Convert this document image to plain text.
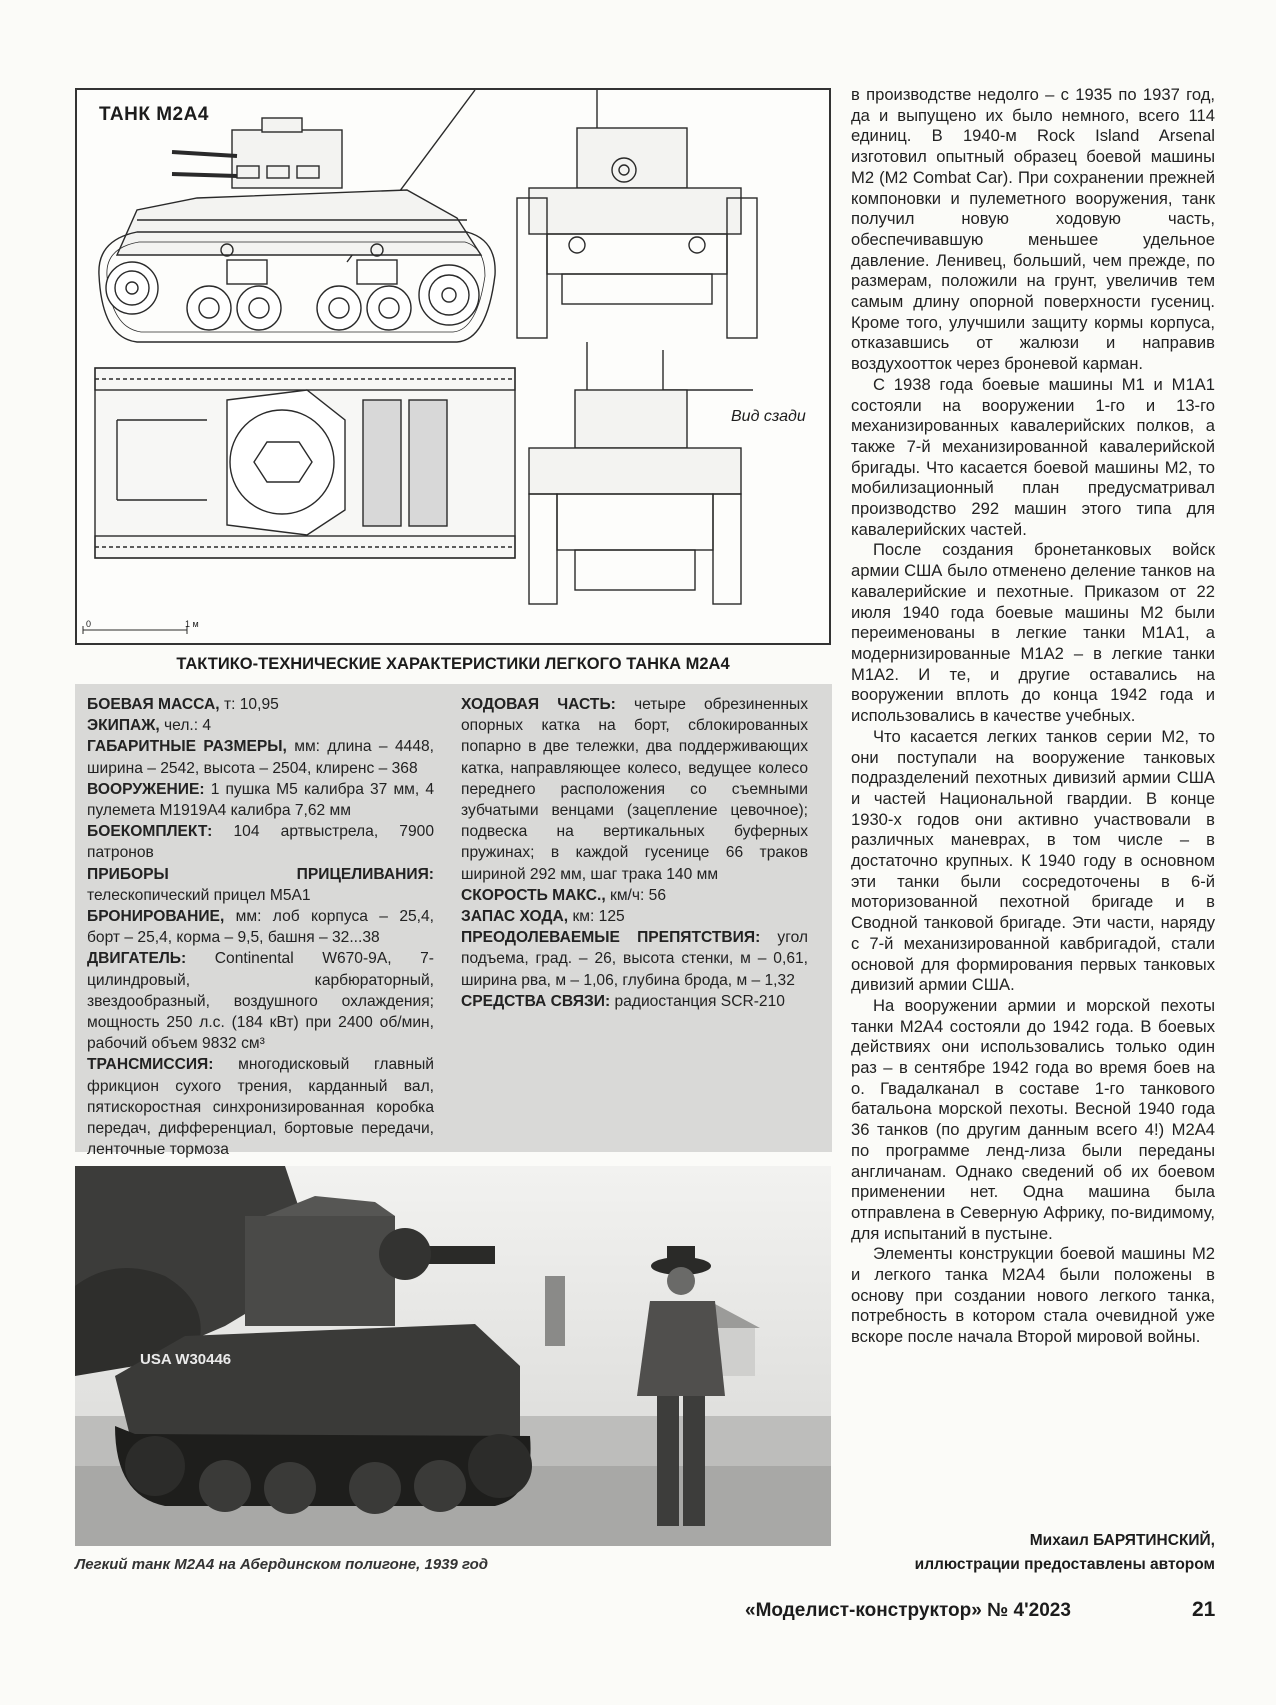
ТАНК М2А4
Вид сзади
0	1 м
ТАКТИКО-ТЕХНИЧЕСКИЕ ХАРАКТЕРИСТИКИ ЛЕГКОГО ТАНКА М2А4

БОЕВАЯ МАССА, т: 10,95

ЭКИПАЖ, чел.: 4

ГАБАРИТНЫЕ РАЗМЕРЫ, мм: длина – 4448, ширина – 2542, высота – 2504, клиренс – 368

ВООРУЖЕНИЕ: 1 пушка М5 калибра 37 мм, 4 пулемета М1919А4 калибра 7,62 мм

БОЕКОМПЛЕКТ: 104 артвыстрела, 7900 патронов

ПРИБОРЫ ПРИЦЕЛИВАНИЯ: телескопический прицел М5А1

БРОНИРОВАНИЕ, мм: лоб корпуса – 25,4, борт – 25,4, корма – 9,5, башня – 32...38

ДВИГАТЕЛЬ: Continental W670-9A, 7-цилиндровый, карбюраторный, звездообразный, воздушного охлаждения; мощность 250 л.с. (184 кВт) при 2400 об/мин, рабочий объем 9832 см³

ТРАНСМИССИЯ: многодисковый главный фрикцион сухого трения, карданный вал, пятискоростная синхронизированная коробка передач, дифференциал, бортовые передачи, ленточные тормоза

ХОДОВАЯ ЧАСТЬ: четыре обрезиненных опорных катка на борт, сблокированных попарно в две тележки, два поддерживающих катка, направляющее колесо, ведущее колесо переднего расположения со съемными зубчатыми венцами (зацепление цевочное); подвеска на вертикальных буферных пружинах; в каждой гусенице 66 траков шириной 292 мм, шаг трака 140 мм

СКОРОСТЬ МАКС., км/ч: 56

ЗАПАС ХОДА, км: 125

ПРЕОДОЛЕВАЕМЫЕ ПРЕПЯТСТВИЯ: угол подъема, град. – 26, высота стенки, м – 0,61, ширина рва, м – 1,06, глубина брода, м – 1,32

СРЕДСТВА СВЯЗИ: радиостанция SCR-210

USA W30446
Легкий танк М2А4 на Абердинском полигоне, 1939 год

в производстве недолго – с 1935 по 1937 год, да и выпущено их было немного, всего 114 единиц. В 1940-м Rock Island Arsenal изготовил опытный образец боевой машины М2 (М2 Combat Car). При сохранении прежней компоновки и пулеметного вооружения, танк получил новую ходовую часть, обеспечивавшую меньшее удельное давление. Ленивец, больший, чем прежде, по размерам, положили на грунт, увеличив тем самым длину опорной поверхности гусениц. Кроме того, улучшили защиту кормы корпуса, отказавшись от жалюзи и направив воздухоотток через броневой карман.

С 1938 года боевые машины М1 и М1А1 состояли на вооружении 1-го и 13-го механизированных кавалерийских полков, а также 7-й механизированной кавалерийской бригады. Что касается боевой машины М2, то мобилизационный план предусматривал производство 292 машин этого типа для кавалерийских частей.

После создания бронетанковых войск армии США было отменено деление танков на кавалерийские и пехотные. Приказом от 22 июля 1940 года боевые машины М2 были переименованы в легкие танки М1А1, а модернизированные М1А2 – в легкие танки М1А2. И те, и другие оставались на вооружении вплоть до конца 1942 года и использовались в качестве учебных.

Что касается легких танков серии М2, то они поступали на вооружение танковых подразделений пехотных дивизий армии США и частей Национальной гвардии. В конце 1930-х годов они активно участвовали в различных маневрах, в том числе – в достаточно крупных. К 1940 году в основном эти танки были сосредоточены в 6-й моторизованной пехотной бригаде и в Сводной танковой бригаде. Эти части, наряду с 7-й механизированной кавбригадой, стали основой для формирования первых танковых дивизий армии США.

На вооружении армии и морской пехоты танки М2А4 состояли до 1942 года. В боевых действиях они использовались только один раз – в сентябре 1942 года во время боев на о. Гвадалканал в составе 1-го танкового батальона морской пехоты. Весной 1940 года 36 танков (по другим данным всего 4!) М2А4 по программе ленд-лиза были переданы англичанам. Однако сведений об их боевом применении нет. Одна машина была отправлена в Северную Африку, по-видимому, для испытаний в пустыне.

Элементы конструкции боевой машины М2 и легкого танка М2А4 были положены в основу при создании нового легкого танка, потребность в котором стала очевидной уже вскоре после начала Второй мировой войны.

Михаил БАРЯТИНСКИЙ,
иллюстрации предоставлены автором
«Моделист-конструктор» № 4'2023	21
